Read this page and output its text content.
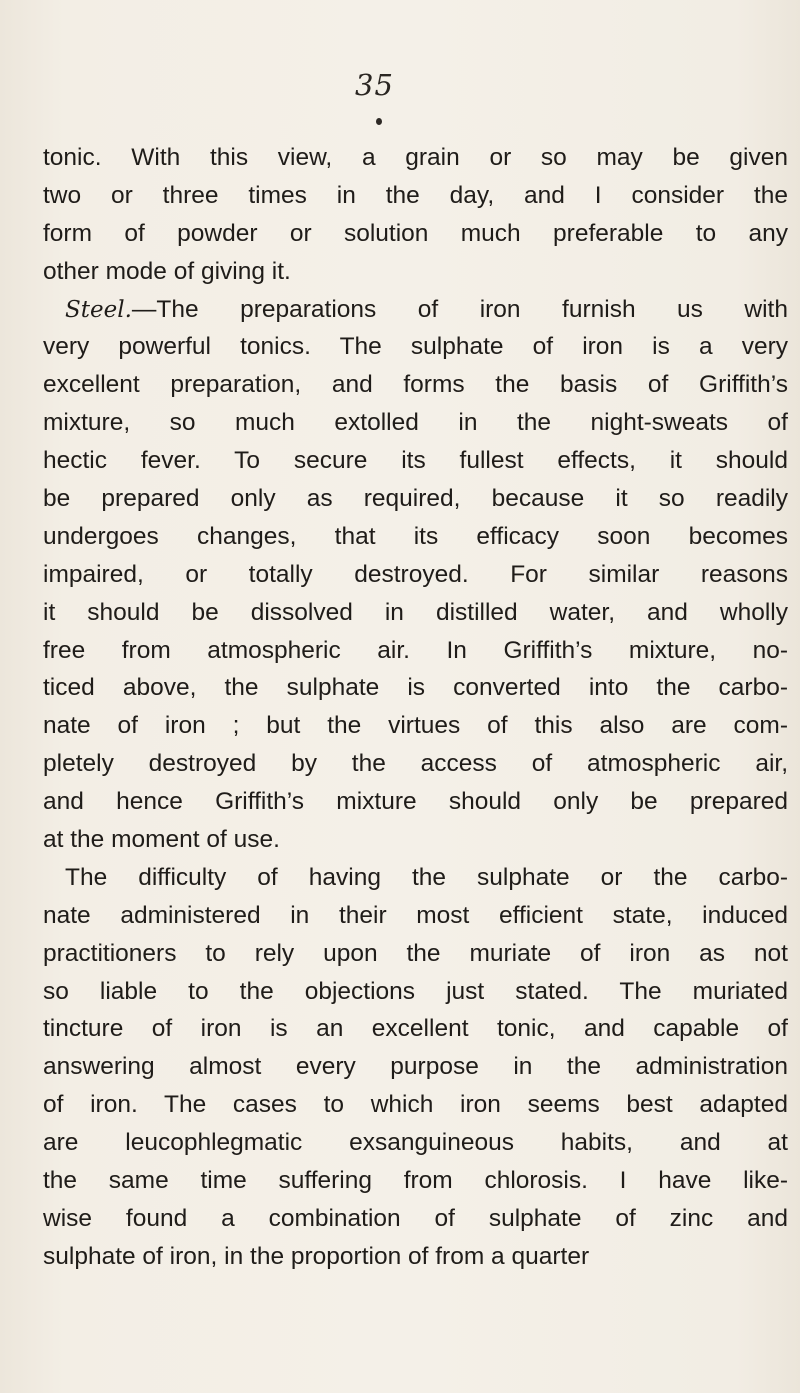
35
tonic. With this view, a grain or so may be given
two or three times in the day, and I consider the
form of powder or solution much preferable to any
other mode of giving it.
Steel.—The preparations of iron furnish us with
very powerful tonics. The sulphate of iron is a very
excellent preparation, and forms the basis of Griffith’s
mixture, so much extolled in the night-sweats of
hectic fever. To secure its fullest effects, it should
be prepared only as required, because it so readily
undergoes changes, that its efficacy soon becomes
impaired, or totally destroyed. For similar reasons
it should be dissolved in distilled water, and wholly
free from atmospheric air. In Griffith’s mixture, no-
ticed above, the sulphate is converted into the carbo-
nate of iron ; but the virtues of this also are com-
pletely destroyed by the access of atmospheric air,
and hence Griffith’s mixture should only be prepared
at the moment of use.
The difficulty of having the sulphate or the carbo-
nate administered in their most efficient state, induced
practitioners to rely upon the muriate of iron as not
so liable to the objections just stated. The muriated
tincture of iron is an excellent tonic, and capable of
answering almost every purpose in the administration
of iron. The cases to which iron seems best adapted
are leucophlegmatic exsanguineous habits, and at
the same time suffering from chlorosis. I have like-
wise found a combination of sulphate of zinc and
sulphate of iron, in the proportion of from a quarter
